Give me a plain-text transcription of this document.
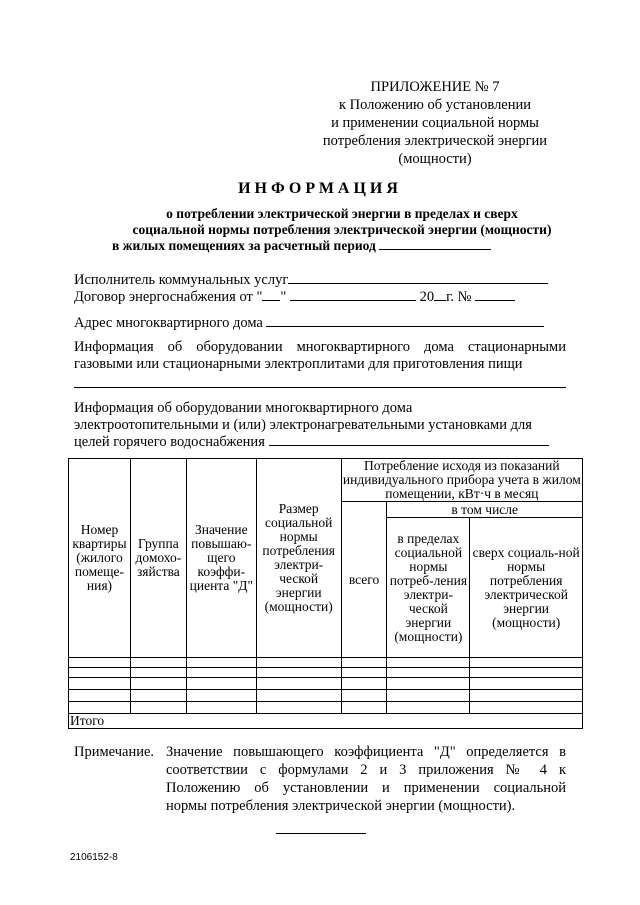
ПРИЛОЖЕНИЕ № 7
к Положению об установлении
и применении социальной нормы
потребления электрической энергии
(мощности)
ИНФОРМАЦИЯ
о потреблении электрической энергии в пределах и сверх
социальной нормы потребления электрической энергии (мощности)
в жилых помещениях за расчетный период
Исполнитель коммунальных услуг
Договор энергоснабжения от " "	20 г. №
Адрес многоквартирного дома
Информация об оборудовании многоквартирного дома стационарными газовыми или стационарными электроплитами для приготовления пищи
Информация об оборудовании многоквартирного дома
электроотопительными и (или) электронагревательными установками для
целей горячего водоснабжения
Номер квартиры (жилого помеще-ния)	Группа домохо-зяйства	Значение повышаю-щего коэффи-циента "Д"	Размер социальной нормы потребления электри-ческой энергии (мощности)	Потребление исходя из показаний индивидуального прибора учета в жилом помещении, кВт·ч в месяц		
				всего	в том числе	
					в пределах социальной нормы потреб-ления электри-ческой энергии (мощности)	сверх социаль-ной нормы потребления электрической энергии (мощности)

Итого						
Примечание. Значение повышающего коэффициента "Д" определяется в
соответствии с формулами 2 и 3 приложения № 4 к
Положению об установлении и применении социальной
нормы потребления электрической энергии (мощности).
2106152-8
